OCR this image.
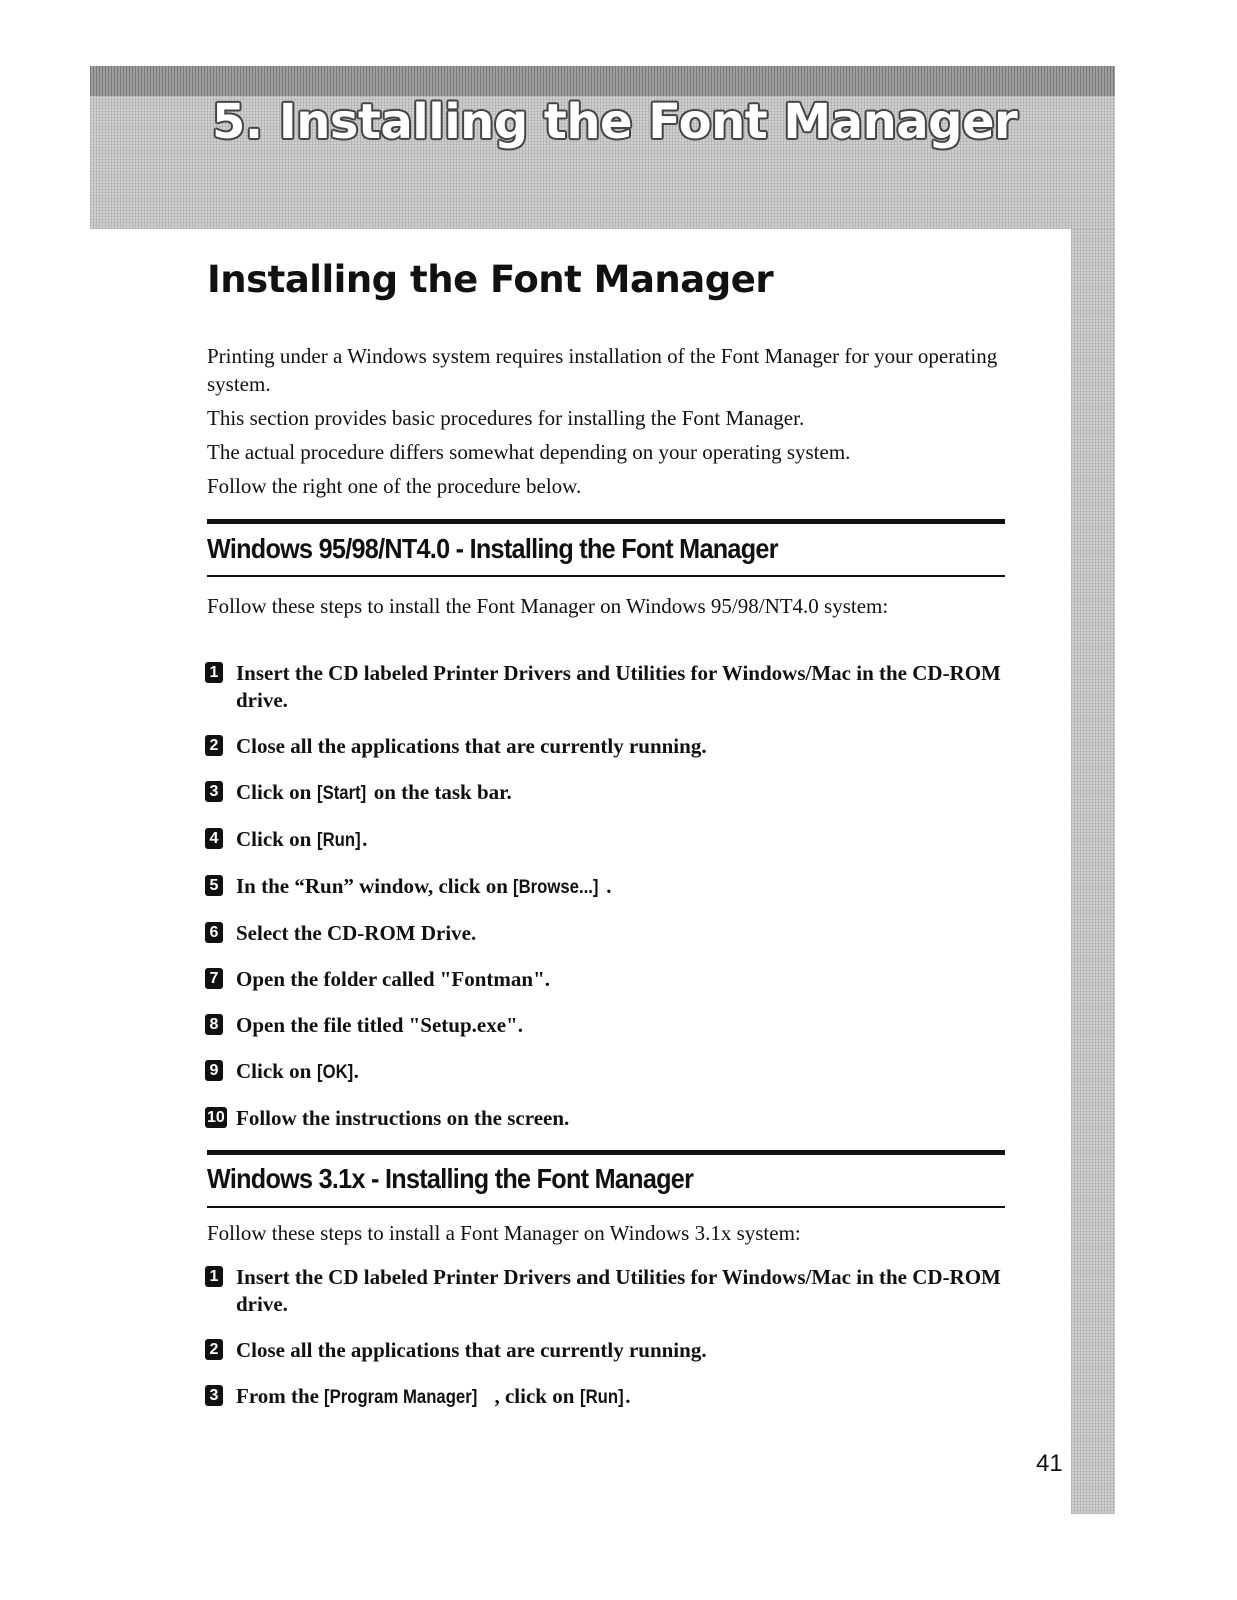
5. Installing the Font Manager
Installing the Font Manager

Printing under a Windows system requires installation of the Font Manager for your operating system.

This section provides basic procedures for installing the Font Manager.

The actual procedure differs somewhat depending on your operating system.

Follow the right one of the procedure below.

Windows 95/98/NT4.0 - Installing the Font Manager

Follow these steps to install the Font Manager on Windows 95/98/NT4.0 system:

1 Insert the CD labeled Printer Drivers and Utilities for Windows/Mac in the CD-ROM drive.
2 Close all the applications that are currently running.
3 Click on [Start] on the task bar.
4 Click on [Run].
5 In the “Run” window, click on [Browse...] .
6 Select the CD-ROM Drive.
7 Open the folder called "Fontman".
8 Open the file titled "Setup.exe".
9 Click on [OK].
10 Follow the instructions on the screen.
Windows 3.1x - Installing the Font Manager

Follow these steps to install a Font Manager on Windows 3.1x system:

1 Insert the CD labeled Printer Drivers and Utilities for Windows/Mac in the CD-ROM drive.
2 Close all the applications that are currently running.
3 From the [Program Manager] , click on [Run].
41
